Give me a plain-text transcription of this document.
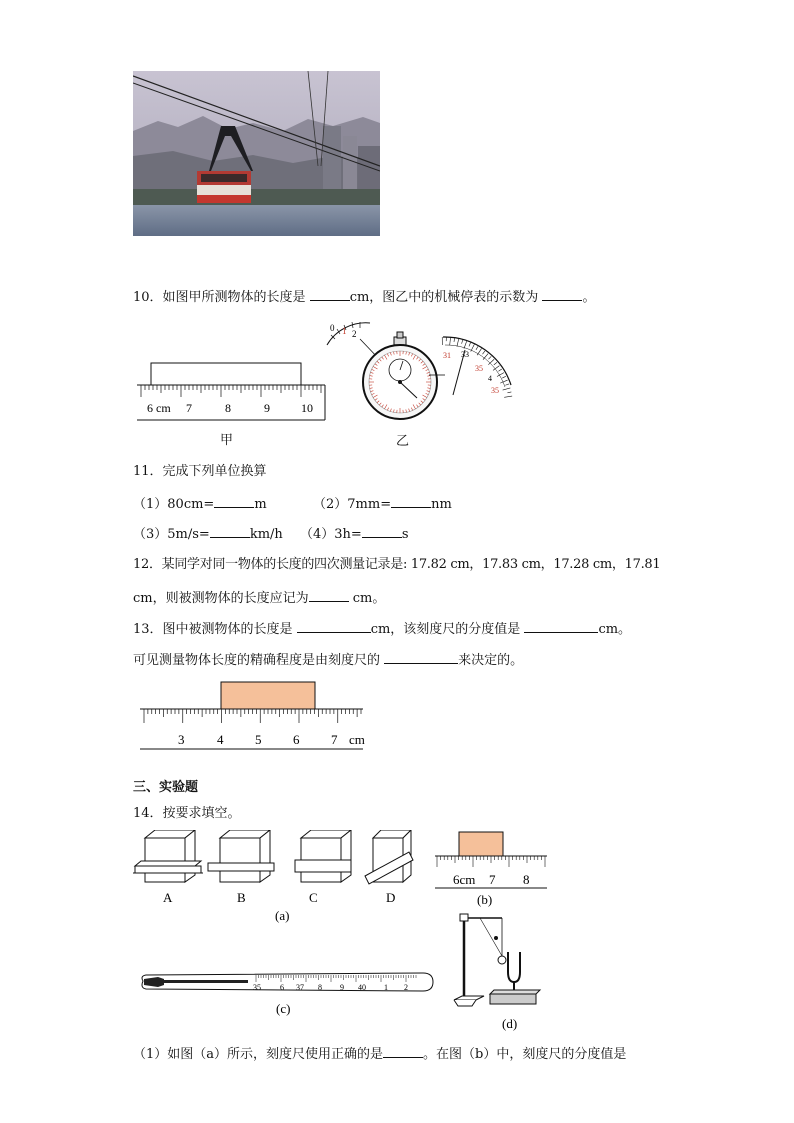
10．如图甲所测物体的长度是	cm，图乙中的机械停表的示数为	。
6 cm 7	8	9	10
甲
0 1 2
31 33
35
4
35
乙
11．完成下列单位换算
（1）80cm=	m	（2）7mm=	nm
（3）5m/s=	km/h （4）3h=	s
12．某同学对同一物体的长度的四次测量记录是: 17.82 cm，17.83 cm，17.28 cm，17.81
cm，则被测物体的长度应记为	cm。
13．图中被测物体的长度是	cm，该刻度尺的分度值是	cm。
可见测量物体长度的精确程度是由刻度尺的	来决定的。
3	4 5 6 7 cm
三、实验题
14．按要求填空。
A	B	C	D
(a)
6cm 7 8
(b)
35 6 37 8 9 40 1 2
(c)
(d)
（1）如图（a）所示，刻度尺使用正确的是	。在图（b）中，刻度尺的分度值是
